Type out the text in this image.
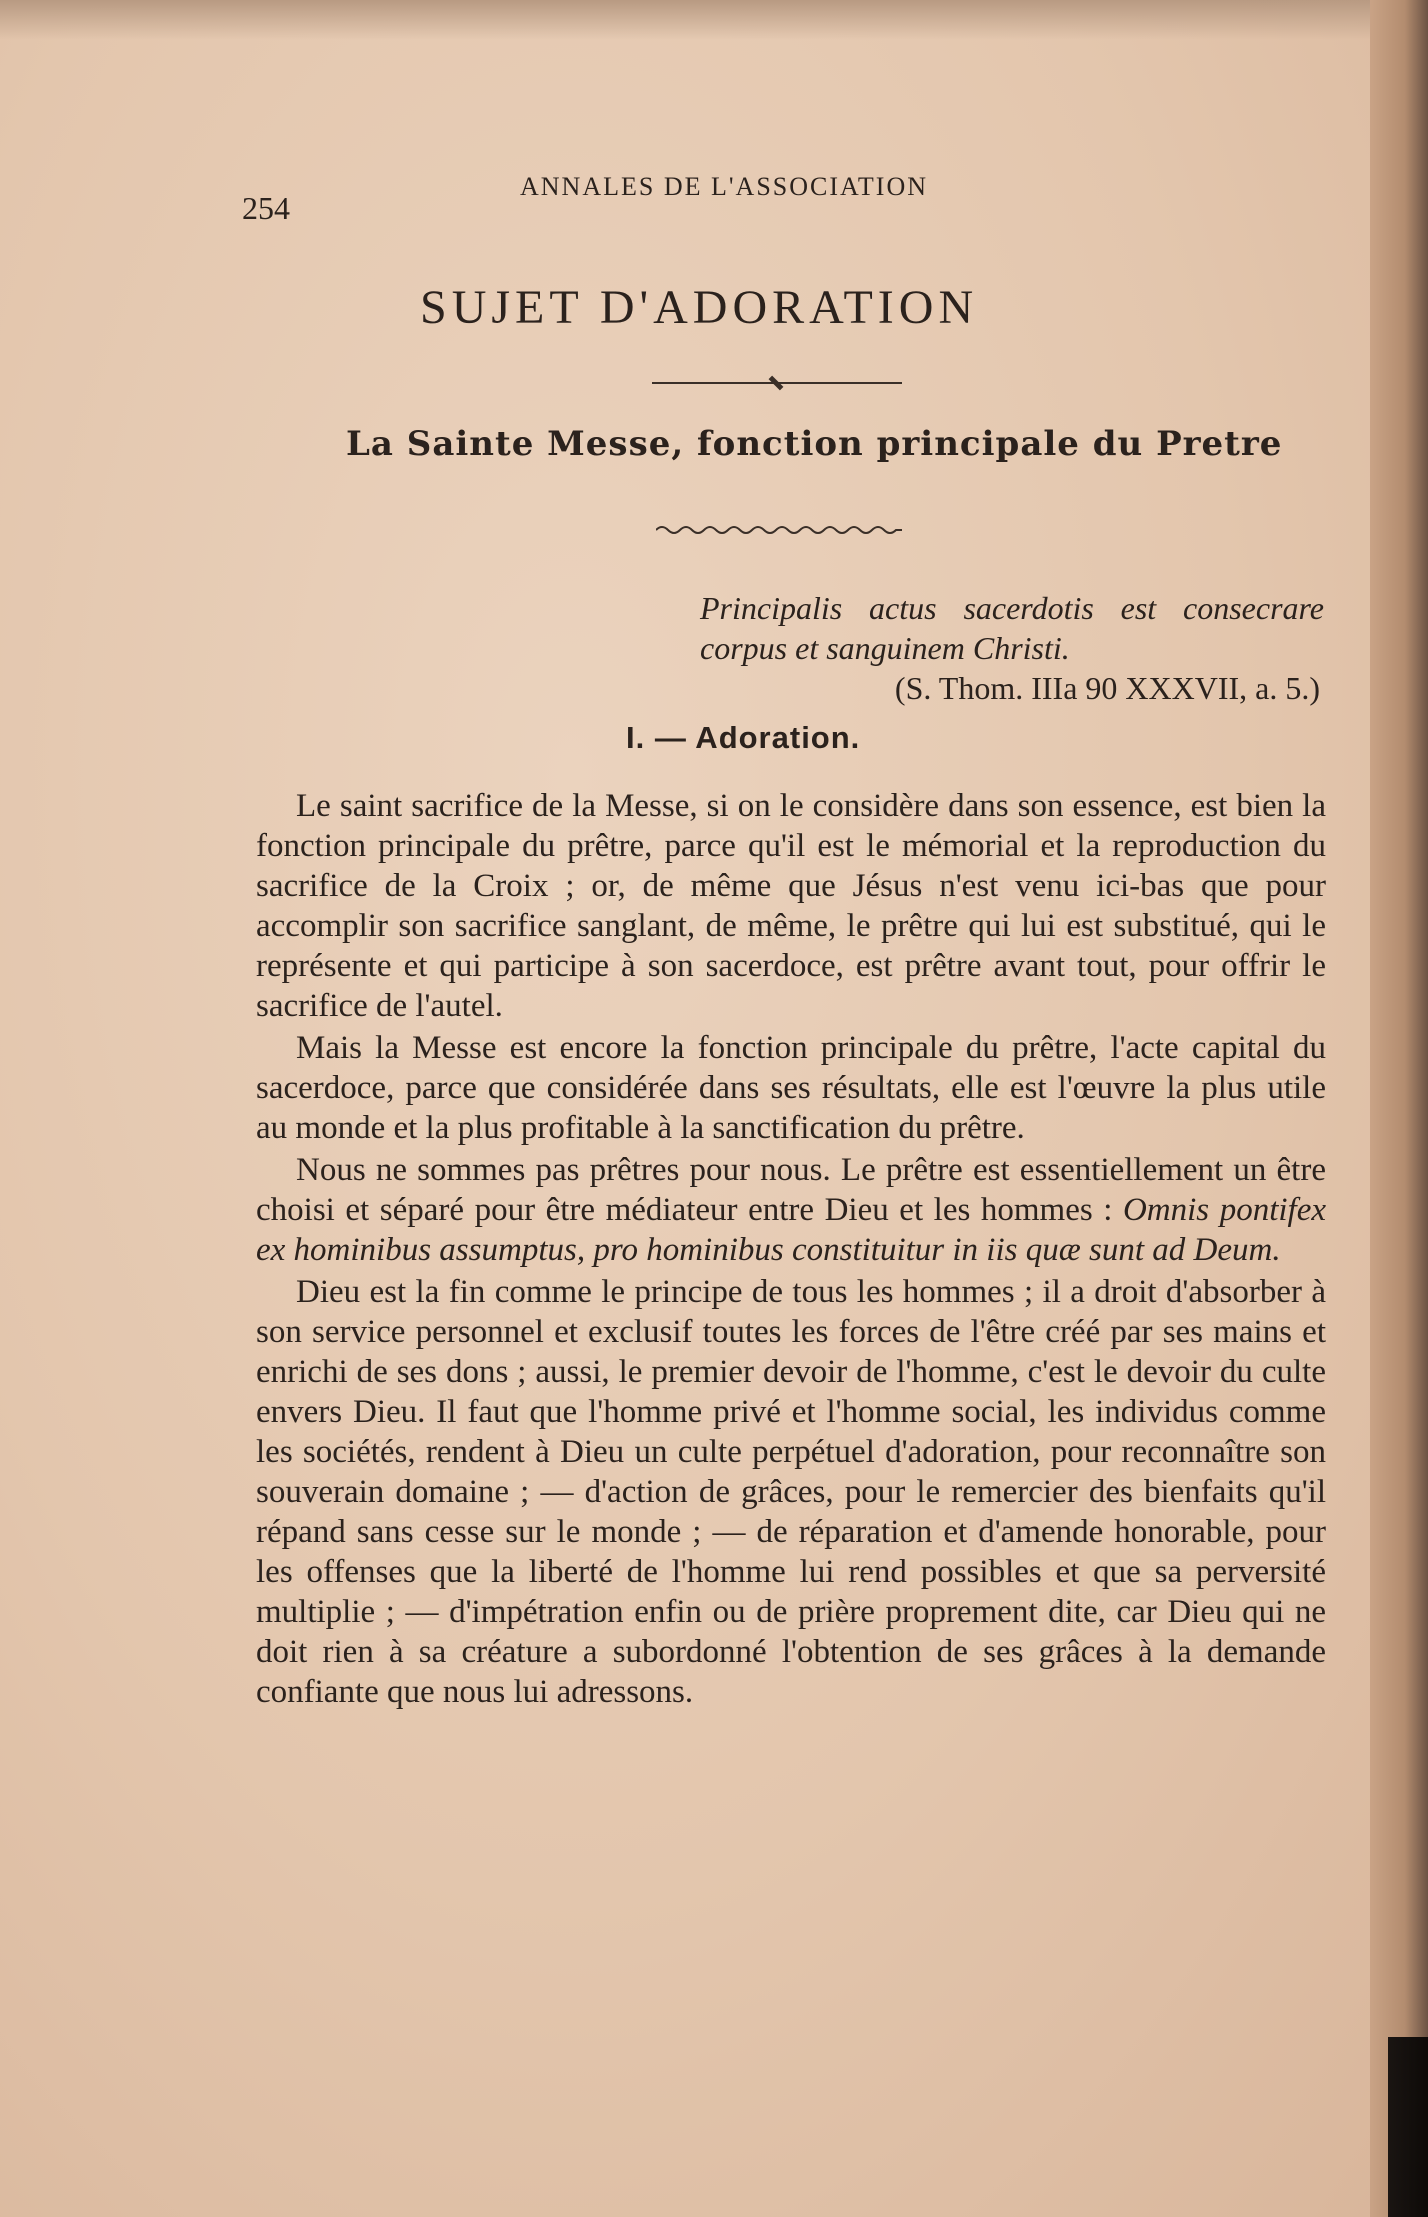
254
ANNALES DE L'ASSOCIATION
SUJET D'ADORATION
La Sainte Messe, fonction principale du Pretre
Principalis actus sacerdotis est consecrare corpus et sanguinem Christi.
(S. Thom. IIIa 90 XXXVII, a. 5.)
I. — Adoration.

Le saint sacrifice de la Messe, si on le considère dans son essence, est bien la fonction principale du prêtre, parce qu'il est le mémorial et la reproduction du sacrifice de la Croix ; or, de même que Jésus n'est venu ici-bas que pour accomplir son sacrifice sanglant, de même, le prêtre qui lui est substitué, qui le représente et qui participe à son sacerdoce, est prêtre avant tout, pour offrir le sacrifice de l'autel.

Mais la Messe est encore la fonction principale du prêtre, l'acte capital du sacerdoce, parce que considérée dans ses résultats, elle est l'œuvre la plus utile au monde et la plus profitable à la sanctification du prêtre.

Nous ne sommes pas prêtres pour nous. Le prêtre est essentiellement un être choisi et séparé pour être médiateur entre Dieu et les hommes : Omnis pontifex ex hominibus assumptus, pro hominibus constituitur in iis quæ sunt ad Deum.

Dieu est la fin comme le principe de tous les hommes ; il a droit d'absorber à son service personnel et exclusif toutes les forces de l'être créé par ses mains et enrichi de ses dons ; aussi, le premier devoir de l'homme, c'est le devoir du culte envers Dieu. Il faut que l'homme privé et l'homme social, les individus comme les sociétés, rendent à Dieu un culte perpétuel d'adoration, pour reconnaître son souverain domaine ; — d'action de grâces, pour le remercier des bienfaits qu'il répand sans cesse sur le monde ; — de réparation et d'amende honorable, pour les offenses que la liberté de l'homme lui rend possibles et que sa perversité multiplie ; — d'impétration enfin ou de prière proprement dite, car Dieu qui ne doit rien à sa créature a subordonné l'obtention de ses grâces à la demande confiante que nous lui adressons.
